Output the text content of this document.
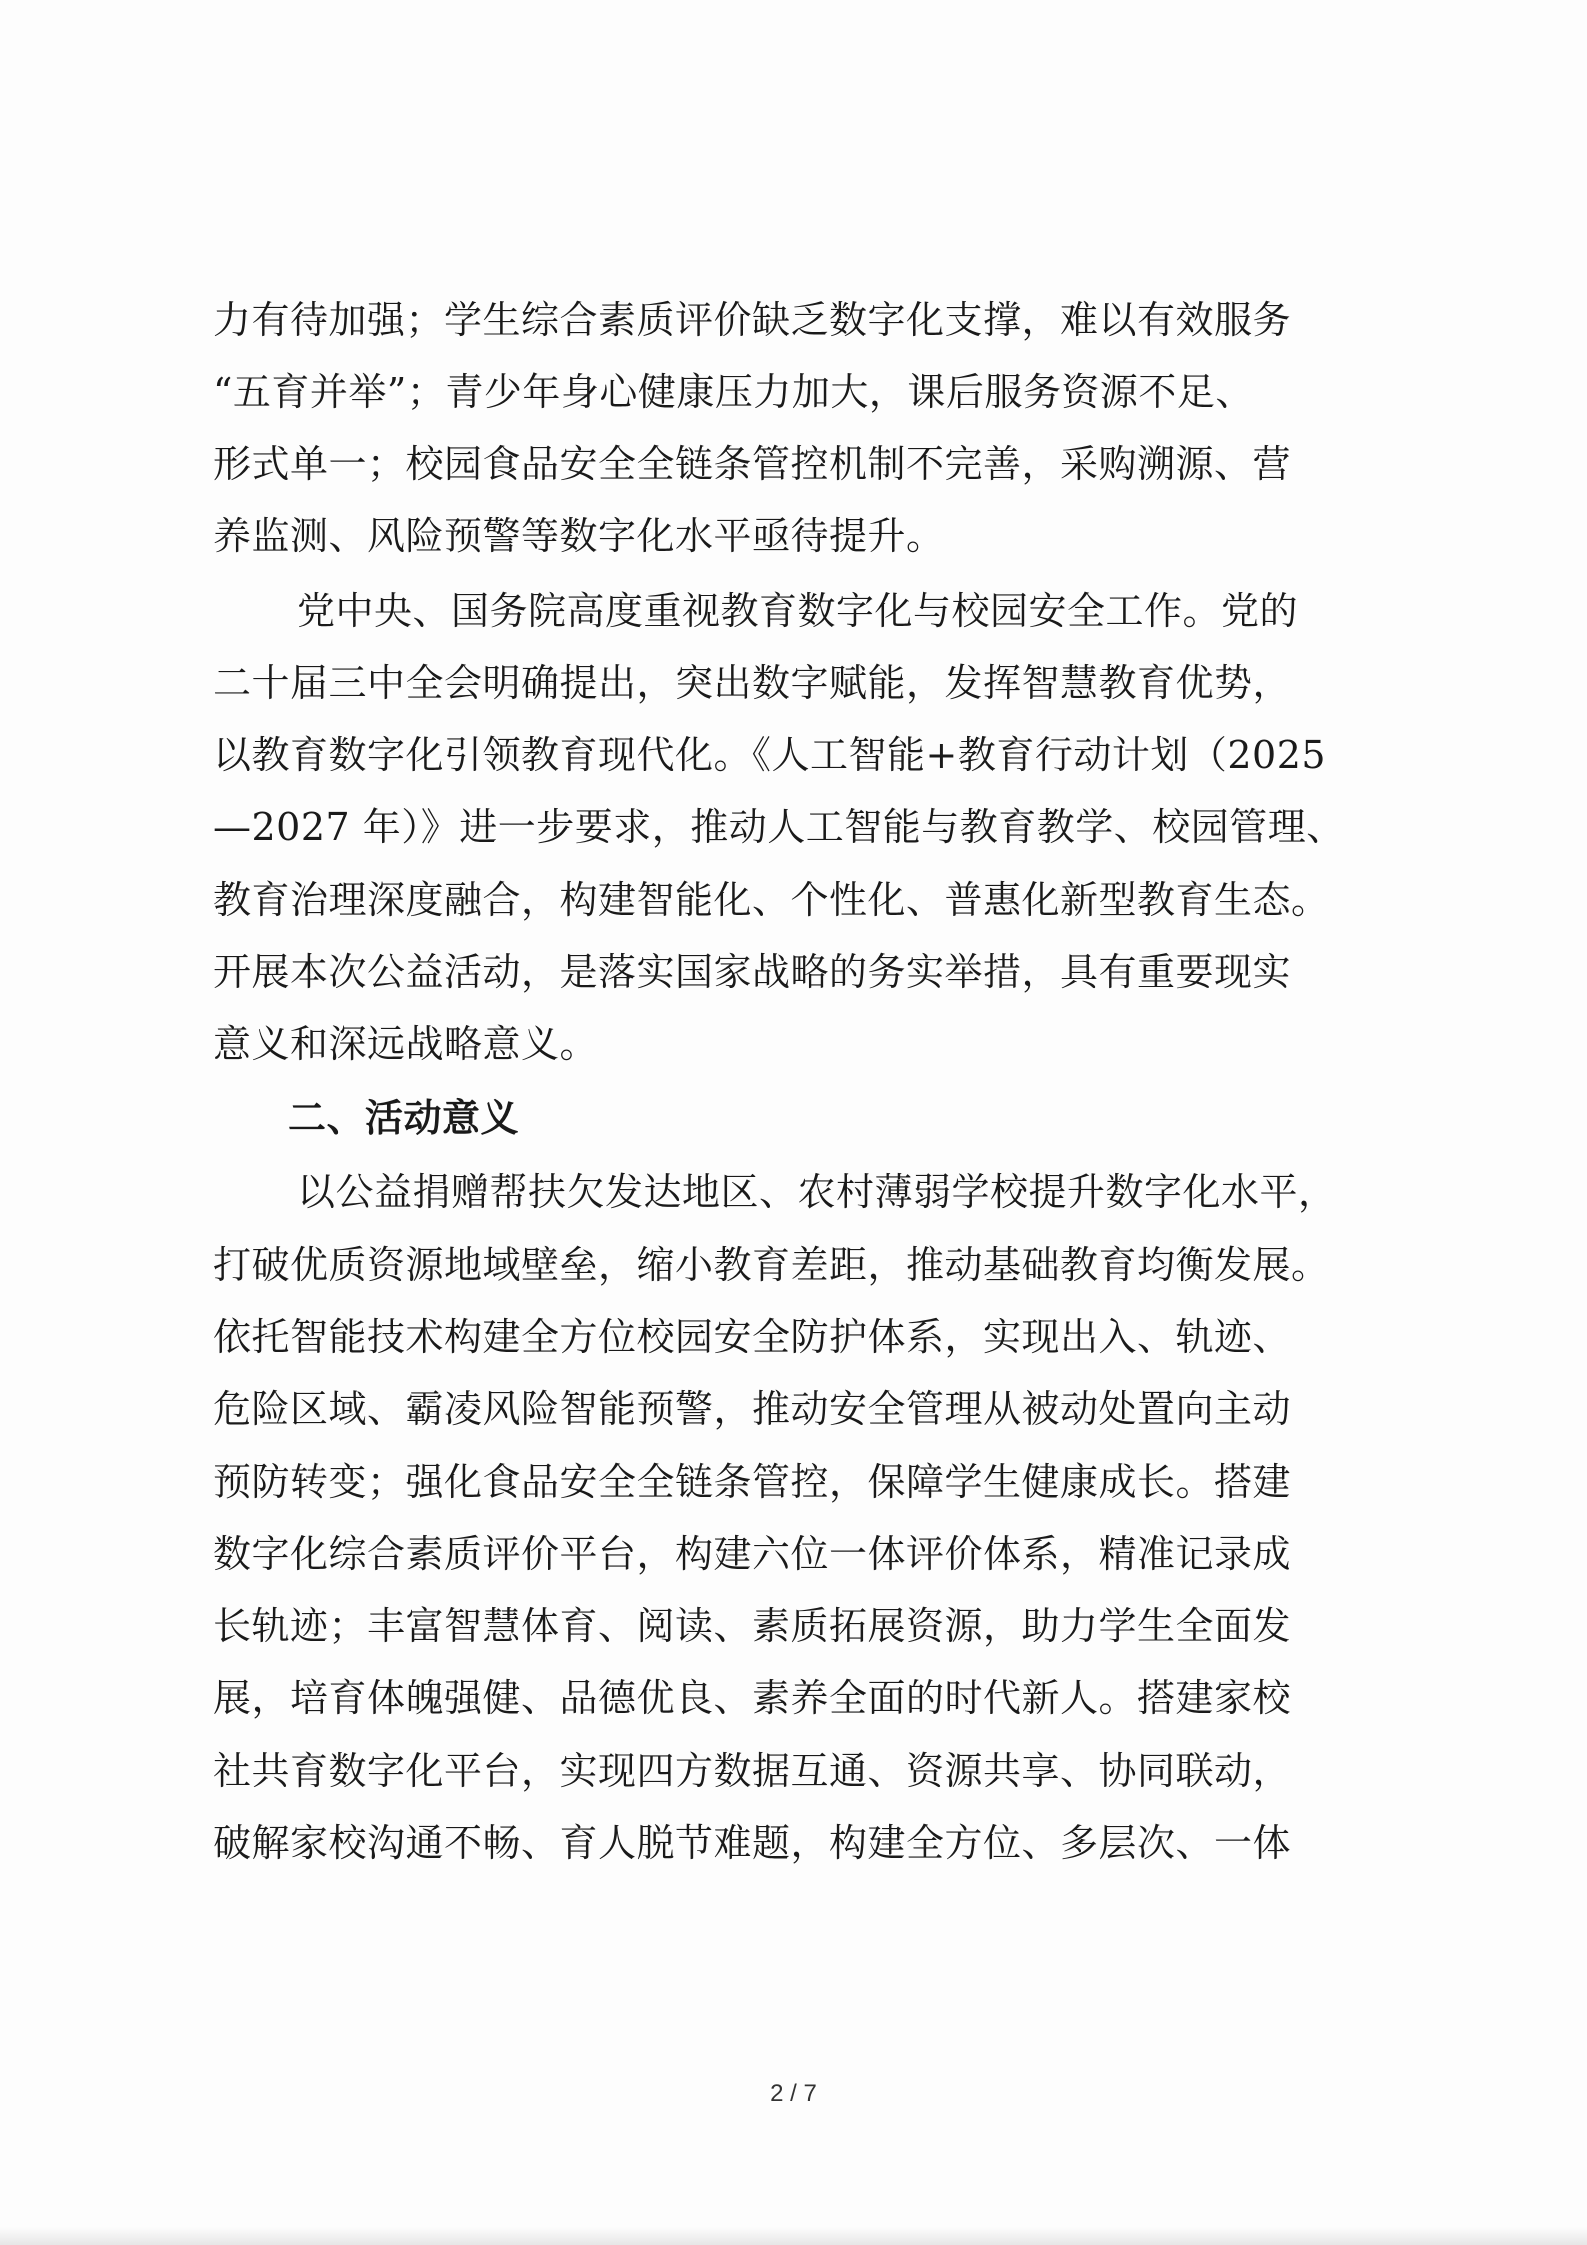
力有待加强；学生综合素质评价缺乏数字化支撑，难以有效服务
“五育并举”；青少年身心健康压力加大，课后服务资源不足、
形式单一；校园食品安全全链条管控机制不完善，采购溯源、营
养监测、风险预警等数字化水平亟待提升。
党中央、国务院高度重视教育数字化与校园安全工作。党的
二十届三中全会明确提出，突出数字赋能，发挥智慧教育优势，
以教育数字化引领教育现代化。《人工智能+教育行动计划（2025
—2027 年）》进一步要求，推动人工智能与教育教学、校园管理、
教育治理深度融合，构建智能化、个性化、普惠化新型教育生态。
开展本次公益活动，是落实国家战略的务实举措，具有重要现实
意义和深远战略意义。
二、活动意义
以公益捐赠帮扶欠发达地区、农村薄弱学校提升数字化水平，
打破优质资源地域壁垒，缩小教育差距，推动基础教育均衡发展。
依托智能技术构建全方位校园安全防护体系，实现出入、轨迹、
危险区域、霸凌风险智能预警，推动安全管理从被动处置向主动
预防转变；强化食品安全全链条管控，保障学生健康成长。搭建
数字化综合素质评价平台，构建六位一体评价体系，精准记录成
长轨迹；丰富智慧体育、阅读、素质拓展资源，助力学生全面发
展，培育体魄强健、品德优良、素养全面的时代新人。搭建家校
社共育数字化平台，实现四方数据互通、资源共享、协同联动，
破解家校沟通不畅、育人脱节难题，构建全方位、多层次、一体
2 / 7
